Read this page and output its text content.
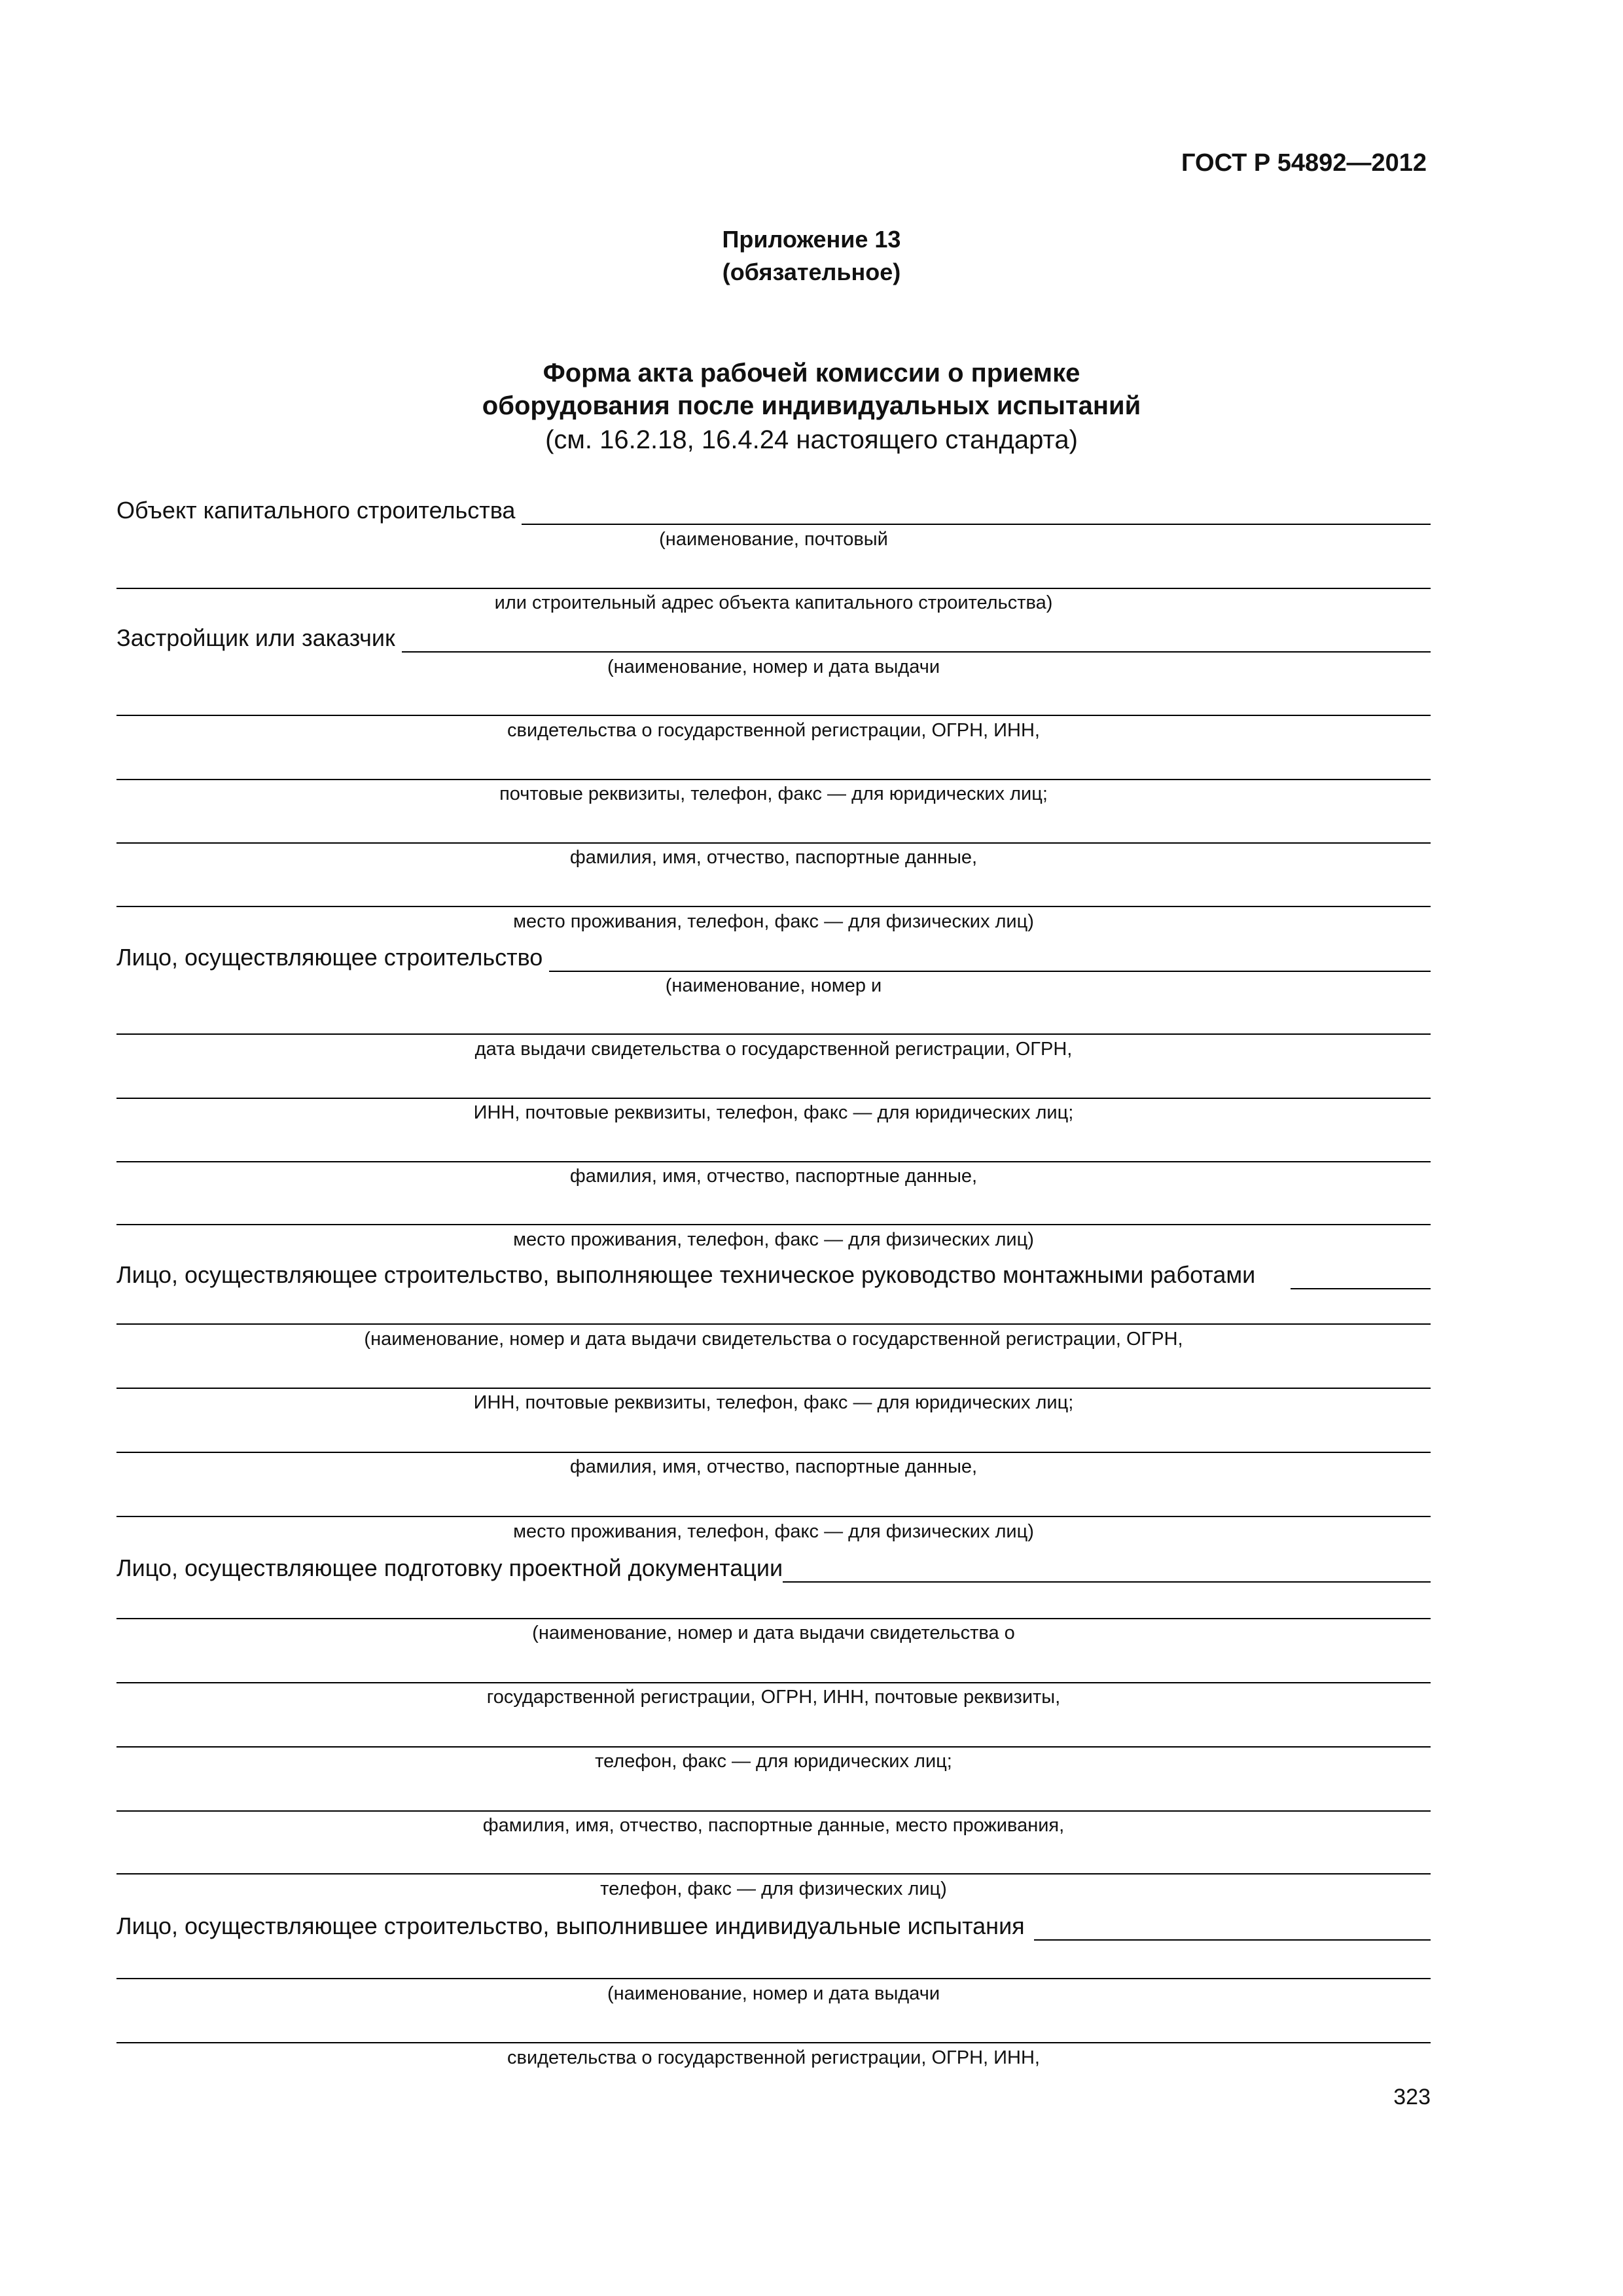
ГОСТ Р 54892—2012
Приложение 13
(обязательное)
Форма акта рабочей комиссии о приемке
оборудования после индивидуальных испытаний
(см. 16.2.18, 16.4.24 настоящего стандарта)
Объект капитального строительства
(наименование, почтовый
или строительный адрес объекта капитального строительства)
Застройщик или заказчик
(наименование, номер и дата выдачи
свидетельства о государственной регистрации, ОГРН, ИНН,
почтовые реквизиты, телефон, факс — для юридических лиц;
фамилия, имя, отчество, паспортные данные,
место проживания, телефон, факс — для физических лиц)
Лицо, осуществляющее строительство
(наименование, номер и
дата выдачи свидетельства о государственной регистрации, ОГРН,
ИНН, почтовые реквизиты, телефон, факс — для юридических лиц;
фамилия, имя, отчество, паспортные данные,
место проживания, телефон, факс — для физических лиц)
Лицо, осуществляющее строительство, выполняющее техническое руководство монтажными работами
(наименование, номер и дата выдачи свидетельства о государственной регистрации, ОГРН,
ИНН, почтовые реквизиты, телефон, факс — для юридических лиц;
фамилия, имя, отчество, паспортные данные,
место проживания, телефон, факс — для физических лиц)
Лицо, осуществляющее подготовку проектной документации
(наименование, номер и дата выдачи свидетельства о
государственной регистрации, ОГРН, ИНН, почтовые реквизиты,
телефон, факс — для юридических лиц;
фамилия, имя, отчество, паспортные данные, место проживания,
телефон, факс — для физических лиц)
Лицо, осуществляющее строительство, выполнившее индивидуальные испытания
(наименование, номер и дата выдачи
свидетельства о государственной регистрации, ОГРН, ИНН,
323
